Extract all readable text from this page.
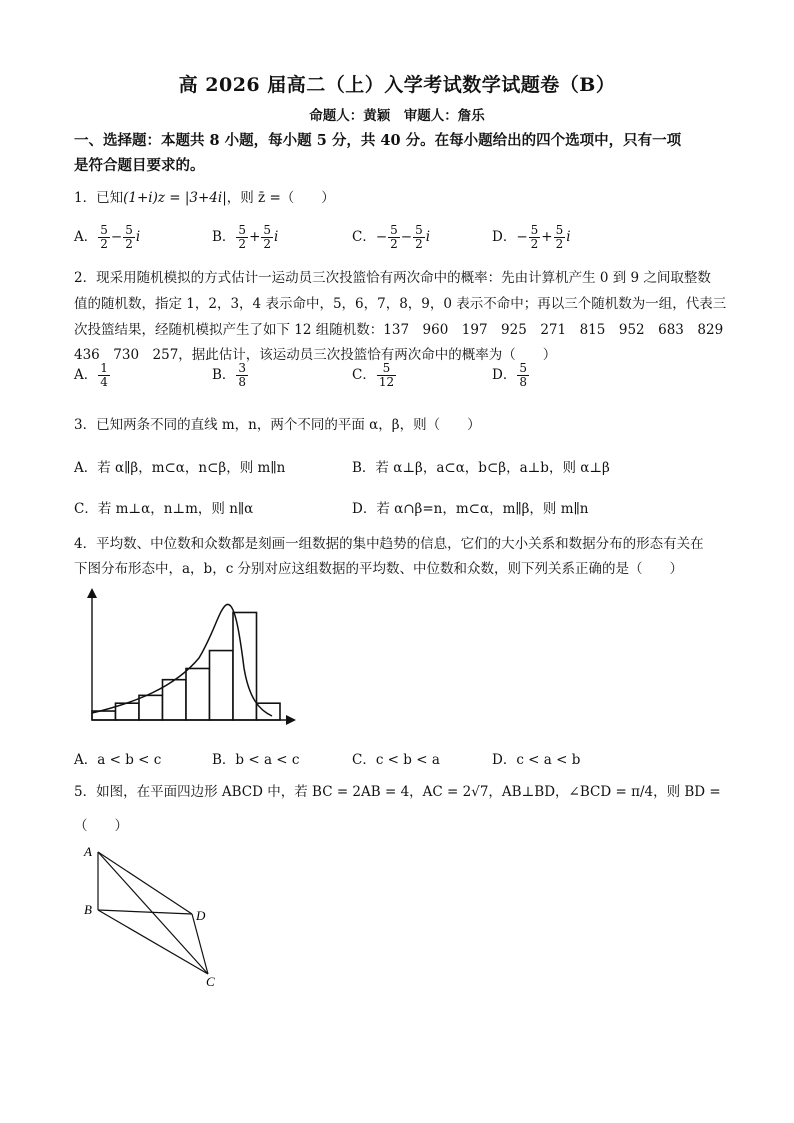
高 2026 届高二（上）入学考试数学试题卷（B）
命题人：黄颖　审题人：詹乐
一、选择题：本题共 8 小题，每小题 5 分，共 40 分。在每小题给出的四个选项中，只有一项
是符合题目要求的。
1．已知(1+i)z = |3+4i|，则 z̄ =（　　）
A． $\frac{5}{2} - \frac{5}{2}$ i	B． $\frac{5}{2} + \frac{5}{2}$ i	C．− $\frac{5}{2} - \frac{5}{2}$ i	D．− $\frac{5}{2} + \frac{5}{2}$ i
2．现采用随机模拟的方式估计一运动员三次投篮恰有两次命中的概率：先由计算机产生 0 到 9 之间取整数
值的随机数，指定 1，2，3，4 表示命中，5，6，7，8，9，0 表示不命中；再以三个随机数为一组，代表三
次投篮结果，经随机模拟产生了如下 12 组随机数：137　960　197　925　271　815　952　683　829
436　730　257，据此估计，该运动员三次投篮恰有两次命中的概率为（　　）
A． $\frac{1}{4}$	B． $\frac{3}{8}$	C． $\frac{5}{12}$	D． $\frac{5}{8}$
3．已知两条不同的直线 m，n，两个不同的平面 α，β，则（　　）
A．若 α∥β，m⊂α，n⊂β，则 m∥n	B．若 α⊥β，a⊂α，b⊂β，a⊥b，则 α⊥β
C．若 m⊥α，n⊥m，则 n∥α	D．若 α∩β=n，m⊂α，m∥β，则 m∥n
4．平均数、中位数和众数都是刻画一组数据的集中趋势的信息，它们的大小关系和数据分布的形态有关在
下图分布形态中，a，b，c 分别对应这组数据的平均数、中位数和众数，则下列关系正确的是（　　）
A．a < b < c	B．b < a < c	C．c < b < a	D．c < a < b
5．如图，在平面四边形 ABCD 中，若 BC = 2AB = 4，AC = 2√7，AB⊥BD，∠BCD = π/4，则 BD =
（　　）
A
B	D
C
